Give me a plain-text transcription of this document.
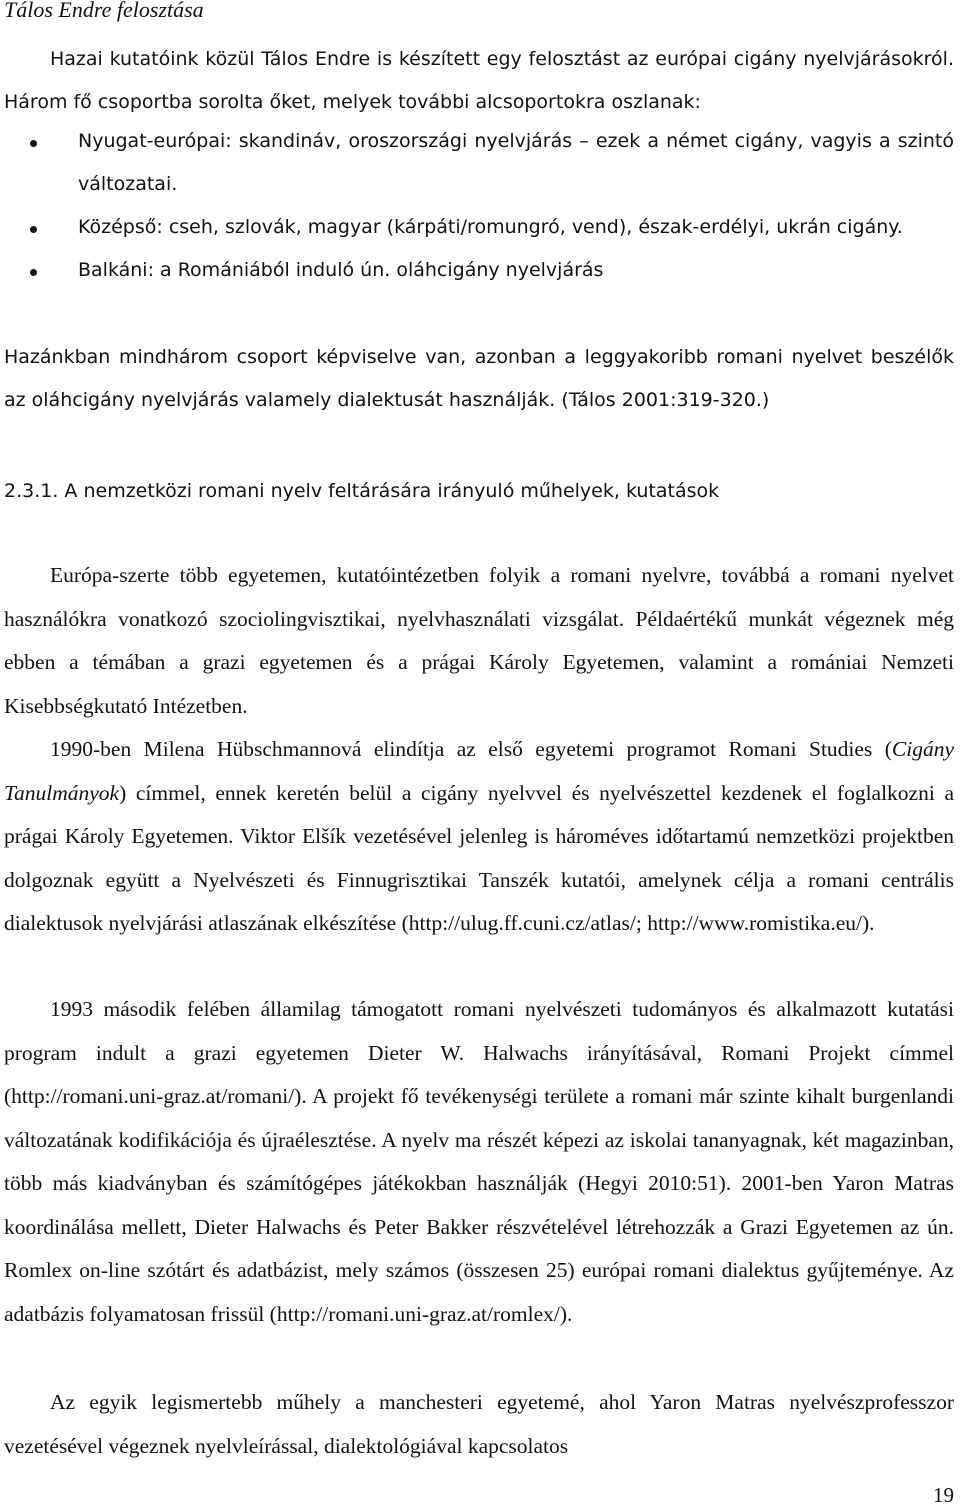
Tálos Endre felosztása

Hazai kutatóink közül Tálos Endre is készített egy felosztást az európai cigány nyelvjárásokról. Három fő csoportba sorolta őket, melyek további alcsoportokra oszlanak:

Nyugat-európai: skandináv, oroszországi nyelvjárás – ezek a német cigány, vagyis a szintó változatai.
Középső: cseh, szlovák, magyar (kárpáti/romungró, vend), észak-erdélyi, ukrán cigány.
Balkáni: a Romániából induló ún. oláhcigány nyelvjárás

Hazánkban mindhárom csoport képviselve van, azonban a leggyakoribb romani nyelvet beszélők az oláhcigány nyelvjárás valamely dialektusát használják. (Tálos 2001:319-320.)

2.3.1. A nemzetközi romani nyelv feltárására irányuló műhelyek, kutatások

Európa-szerte több egyetemen, kutatóintézetben folyik a romani nyelvre, továbbá a romani nyelvet használókra vonatkozó szociolingvisztikai, nyelvhasználati vizsgálat. Példaértékű munkát végeznek még ebben a témában a grazi egyetemen és a prágai Károly Egyetemen, valamint a romániai Nemzeti Kisebbségkutató Intézetben.

1990-ben Milena Hübschmannová elindítja az első egyetemi programot Romani Studies (Cigány Tanulmányok) címmel, ennek keretén belül a cigány nyelvvel és nyelvészettel kezdenek el foglalkozni a prágai Károly Egyetemen. Viktor Elšík vezetésével jelenleg is hároméves időtartamú nemzetközi projektben dolgoznak együtt a Nyelvészeti és Finnugrisztikai Tanszék kutatói, amelynek célja a romani centrális dialektusok nyelvjárási atlaszának elkészítése (http://ulug.ff.cuni.cz/atlas/; http://www.romistika.eu/).

1993 második felében államilag támogatott romani nyelvészeti tudományos és alkalmazott kutatási program indult a grazi egyetemen Dieter W. Halwachs irányításával, Romani Projekt címmel (http://romani.uni-graz.at/romani/). A projekt fő tevékenységi területe a romani már szinte kihalt burgenlandi változatának kodifikációja és újraélesztése. A nyelv ma részét képezi az iskolai tananyagnak, két magazinban, több más kiadványban és számítógépes játékokban használják (Hegyi 2010:51). 2001-ben Yaron Matras koordinálása mellett, Dieter Halwachs és Peter Bakker részvételével létrehozzák a Grazi Egyetemen az ún. Romlex on-line szótárt és adatbázist, mely számos (összesen 25) európai romani dialektus gyűjteménye. Az adatbázis folyamatosan frissül (http://romani.uni-graz.at/romlex/).

Az egyik legismertebb műhely a manchesteri egyetemé, ahol Yaron Matras nyelvészprofesszor vezetésével végeznek nyelvleírással, dialektológiával kapcsolatos

19
